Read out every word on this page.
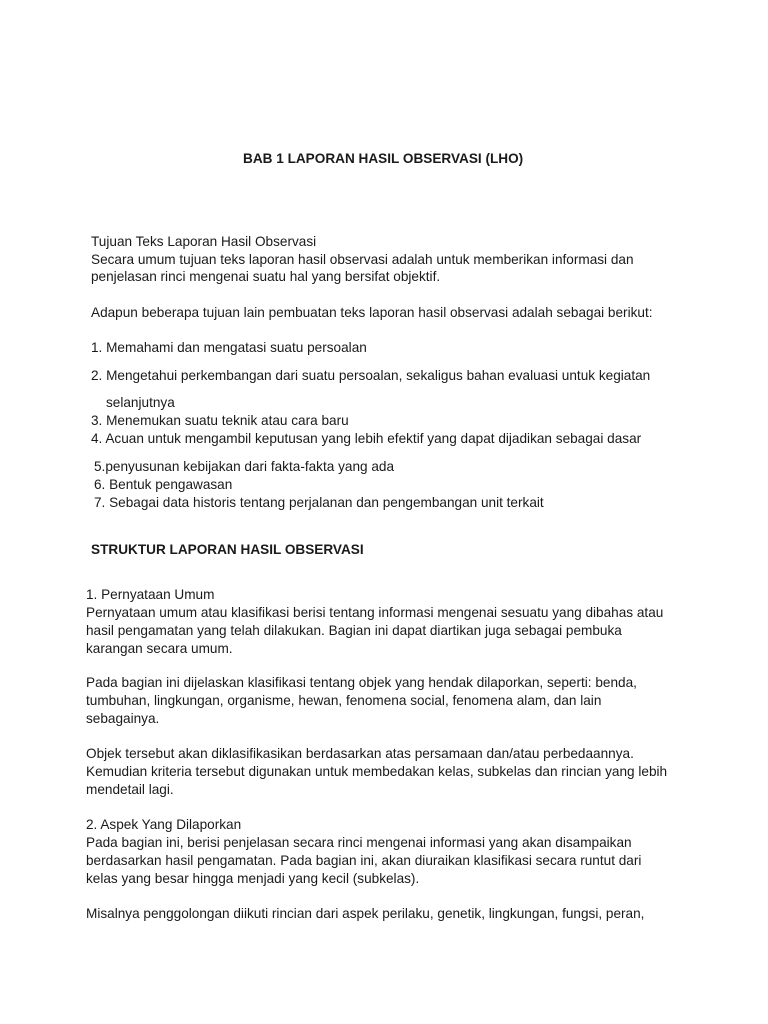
BAB 1 LAPORAN HASIL OBSERVASI (LHO)
Tujuan Teks Laporan Hasil Observasi
Secara umum tujuan teks laporan hasil observasi adalah untuk memberikan informasi dan
penjelasan rinci mengenai suatu hal yang bersifat objektif.
Adapun beberapa tujuan lain pembuatan teks laporan hasil observasi adalah sebagai berikut:
1. Memahami dan mengatasi suatu persoalan
2. Mengetahui perkembangan dari suatu persoalan, sekaligus bahan evaluasi untuk kegiatan
selanjutnya
3. Menemukan suatu teknik atau cara baru
4. Acuan untuk mengambil keputusan yang lebih efektif yang dapat dijadikan sebagai dasar
5.penyusunan kebijakan dari fakta-fakta yang ada
6. Bentuk pengawasan
7. Sebagai data historis tentang perjalanan dan pengembangan unit terkait
STRUKTUR LAPORAN HASIL OBSERVASI
1. Pernyataan Umum
Pernyataan umum atau klasifikasi berisi tentang informasi mengenai sesuatu yang dibahas atau
hasil pengamatan yang telah dilakukan. Bagian ini dapat diartikan juga sebagai pembuka
karangan secara umum.
Pada bagian ini dijelaskan klasifikasi tentang objek yang hendak dilaporkan, seperti: benda,
tumbuhan, lingkungan, organisme, hewan, fenomena social, fenomena alam, dan lain
sebagainya.
Objek tersebut akan diklasifikasikan berdasarkan atas persamaan dan/atau perbedaannya.
Kemudian kriteria tersebut digunakan untuk membedakan kelas, subkelas dan rincian yang lebih
mendetail lagi.
2. Aspek Yang Dilaporkan
Pada bagian ini, berisi penjelasan secara rinci mengenai informasi yang akan disampaikan
berdasarkan hasil pengamatan. Pada bagian ini, akan diuraikan klasifikasi secara runtut dari
kelas yang besar hingga menjadi yang kecil (subkelas).
Misalnya penggolongan diikuti rincian dari aspek perilaku, genetik, lingkungan, fungsi, peran,
